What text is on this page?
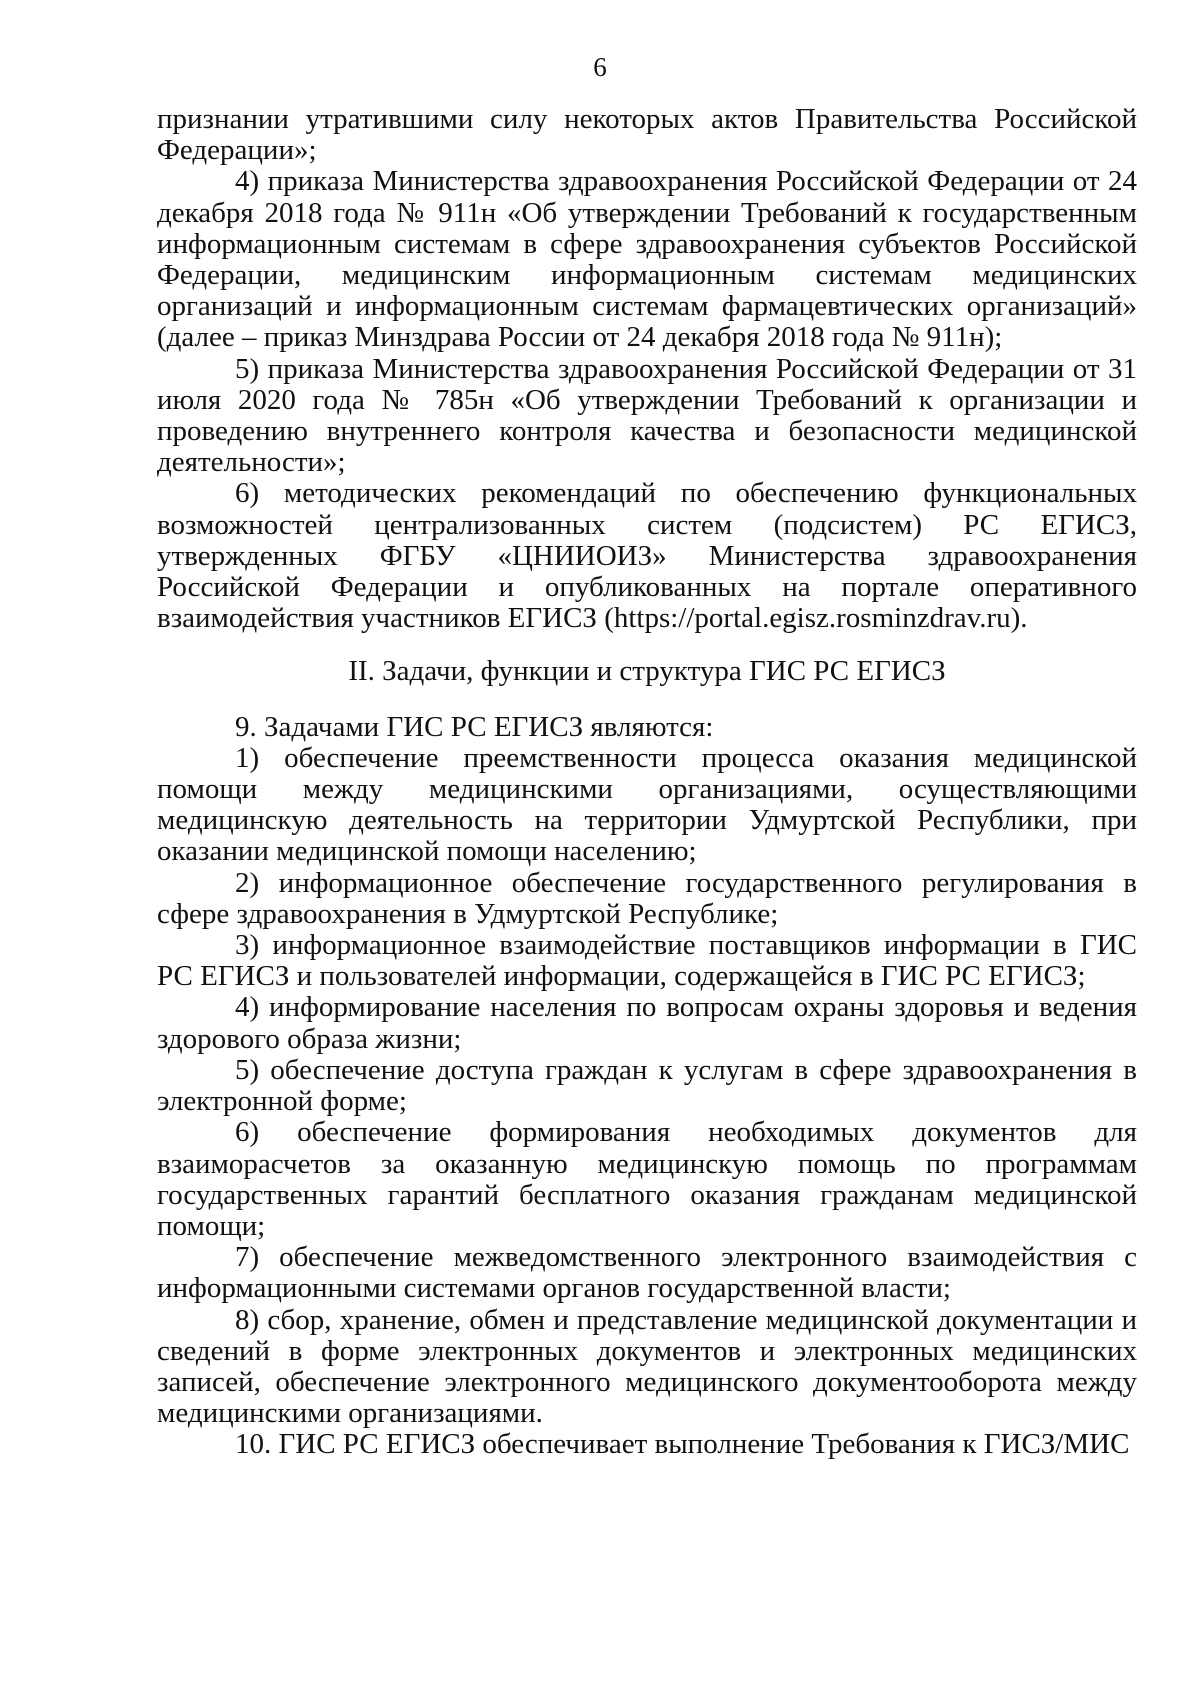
6

признании утратившими силу некоторых актов Правительства Российской Федерации»;

4) приказа Министерства здравоохранения Российской Федерации от 24 декабря 2018 года № 911н «Об утверждении Требований к государственным информационным системам в сфере здравоохранения субъектов Российской Федерации, медицинским информационным системам медицинских организаций и информационным системам фармацевтических организаций» (далее – приказ Минздрава России от 24 декабря 2018 года № 911н);

5) приказа Министерства здравоохранения Российской Федерации от 31 июля 2020 года № 785н «Об утверждении Требований к организации и проведению внутреннего контроля качества и безопасности медицинской деятельности»;

6) методических рекомендаций по обеспечению функциональных возможностей централизованных систем (подсистем) РС ЕГИСЗ, утвержденных ФГБУ «ЦНИИОИЗ» Министерства здравоохранения Российской Федерации и опубликованных на портале оперативного взаимодействия участников ЕГИСЗ (https://portal.egisz.rosminzdrav.ru).

II. Задачи, функции и структура ГИС РС ЕГИСЗ

9. Задачами ГИС РС ЕГИСЗ являются:

1) обеспечение преемственности процесса оказания медицинской помощи между медицинскими организациями, осуществляющими медицинскую деятельность на территории Удмуртской Республики, при оказании медицинской помощи населению;

2) информационное обеспечение государственного регулирования в сфере здравоохранения в Удмуртской Республике;

3) информационное взаимодействие поставщиков информации в ГИС РС ЕГИСЗ и пользователей информации, содержащейся в ГИС РС ЕГИСЗ;

4) информирование населения по вопросам охраны здоровья и ведения здорового образа жизни;

5) обеспечение доступа граждан к услугам в сфере здравоохранения в электронной форме;

6) обеспечение формирования необходимых документов для взаиморасчетов за оказанную медицинскую помощь по программам государственных гарантий бесплатного оказания гражданам медицинской помощи;

7) обеспечение межведомственного электронного взаимодействия с информационными системами органов государственной власти;

8) сбор, хранение, обмен и представление медицинской документации и сведений в форме электронных документов и электронных медицинских записей, обеспечение электронного медицинского документооборота между медицинскими организациями.

10. ГИС РС ЕГИСЗ обеспечивает выполнение Требования к ГИСЗ/МИС
